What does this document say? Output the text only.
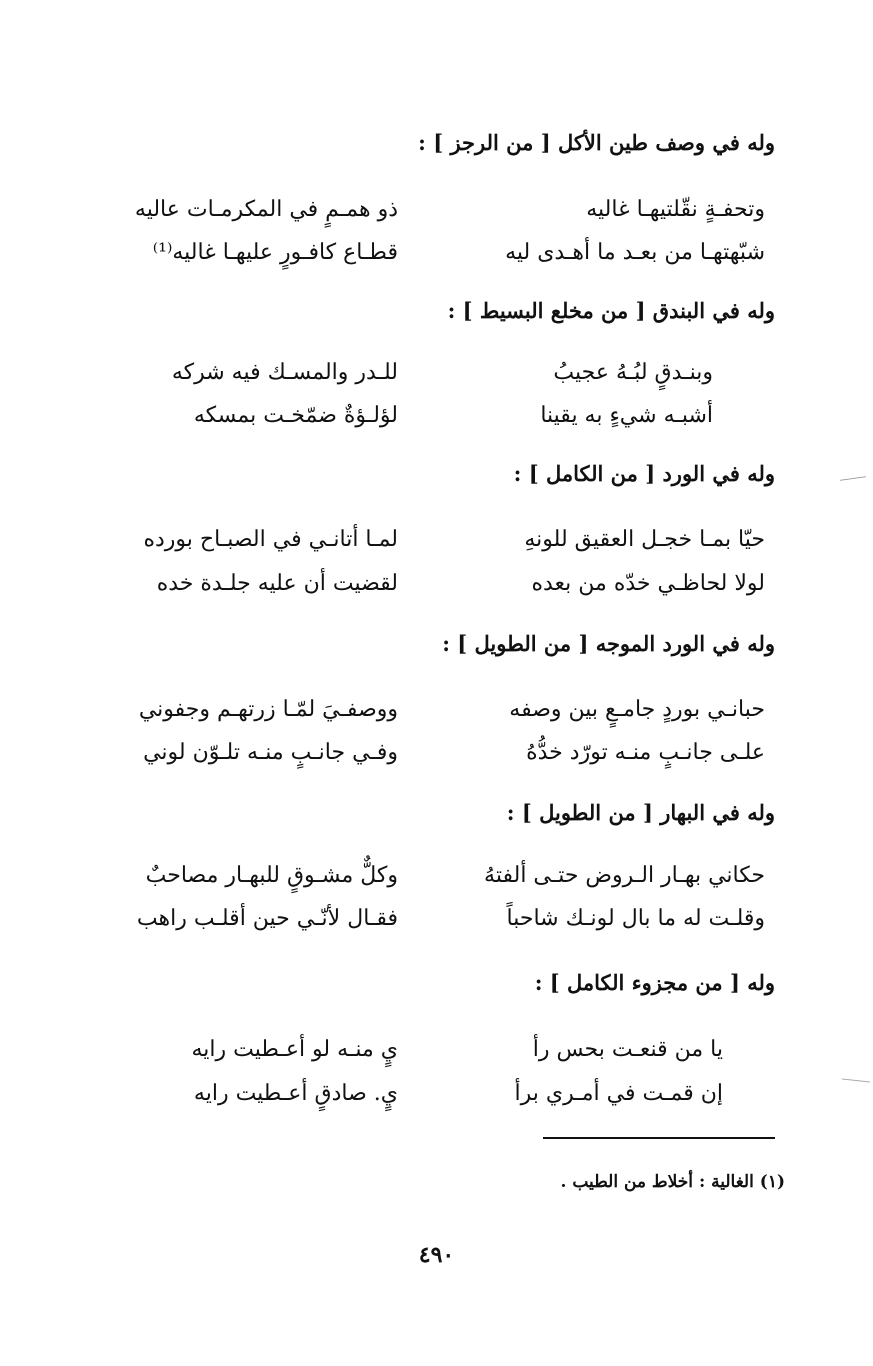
وله في وصف طين الأكل [ من الرجز ] :
وتحفـةٍ نقّلتيهـا غاليه
ذو همـمٍ في المكرمـات عاليه
شبّهتهـا من بعـد ما أهـدى ليه
قطـاع كافـورٍ عليهـا غاليه⁽¹⁾
وله في البندق [ من مخلع البسيط ] :
وبنـدقٍ لبُـهُ عجيبُ
للـدر والمسـك فيه شركه
أشبـه شيءٍ به يقينا
لؤلـؤةٌ ضمّخـت بمسكه
وله في الورد [ من الكامل ] :
حيّا بمـا خجـل العقيق للونهِ
لمـا أتانـي في الصبـاح بورده
لولا لحاظـي خدّه من بعده
لقضيت أن عليه جلـدة خده
وله في الورد الموجه [ من الطويل ] :
حبانـي بوردٍ جامـعٍ بين وصفه
ووصفـيَ لمّـا زرتهـم وجفوني
علـى جانـبٍ منـه تورّد خدُّهُ
وفـي جانـبٍ منـه تلـوّن لوني
وله في البهار [ من الطويل ] :
حكاني بهـار الـروض حتـى ألفتهُ
وكلٌّ مشـوقٍ للبهـار مصاحبٌ
وقلـت له ما بال لونـك شاحباً
فقـال لأنّـي حين أقلـب راهب
وله [ من مجزوء الكامل ] :
يا من قنعـت بحس رأ
يٍ منـه لو أعـطيت رايه
إن قمـت في أمـري برأ
يٍ. صادقٍ أعـطيت رايه
(١) الغالية : أخلاط من الطيب .
٤٩٠
